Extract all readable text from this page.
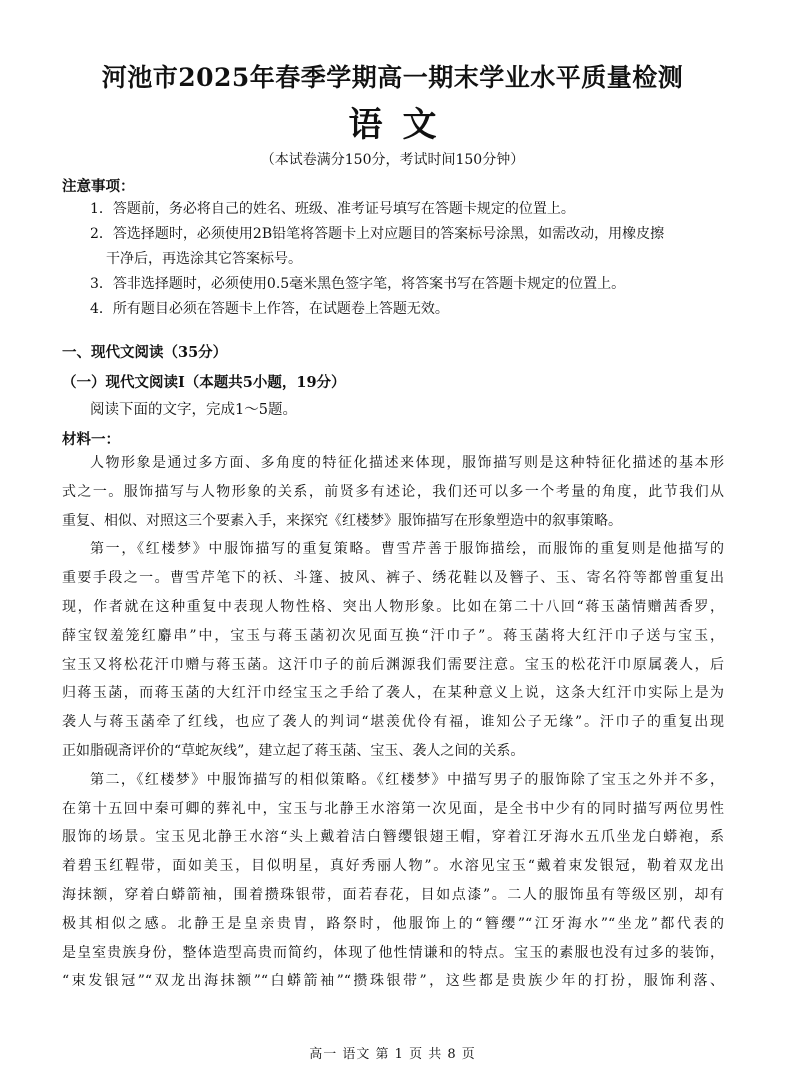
河池市2025年春季学期高一期末学业水平质量检测
语文
（本试卷满分150分，考试时间150分钟）
注意事项：
1．答题前，务必将自己的姓名、班级、准考证号填写在答题卡规定的位置上。
2．答选择题时，必须使用2B铅笔将答题卡上对应题目的答案标号涂黑，如需改动，用橡皮擦
干净后，再选涂其它答案标号。
3．答非选择题时，必须使用0.5毫米黑色签字笔，将答案书写在答题卡规定的位置上。
4．所有题目必须在答题卡上作答，在试题卷上答题无效。
一、现代文阅读（35分）
（一）现代文阅读Ⅰ（本题共5小题，19分）
阅读下面的文字，完成1～5题。
材料一：
人物形象是通过多方面、多角度的特征化描述来体现，服饰描写则是这种特征化描述的基本形
式之一。服饰描写与人物形象的关系，前贤多有述论，我们还可以多一个考量的角度，此节我们从
重复、相似、对照这三个要素入手，来探究《红楼梦》服饰描写在形象塑造中的叙事策略。
第一，《红楼梦》中服饰描写的重复策略。曹雪芹善于服饰描绘，而服饰的重复则是他描写的
重要手段之一。曹雪芹笔下的袄、斗篷、披风、裤子、绣花鞋以及簪子、玉、寄名符等都曾重复出
现，作者就在这种重复中表现人物性格、突出人物形象。比如在第二十八回“蒋玉菡情赠茜香罗，
薛宝钗羞笼红麝串”中，宝玉与蒋玉菡初次见面互换“汗巾子”。蒋玉菡将大红汗巾子送与宝玉，
宝玉又将松花汗巾赠与蒋玉菡。这汗巾子的前后渊源我们需要注意。宝玉的松花汗巾原属袭人，后
归蒋玉菡，而蒋玉菡的大红汗巾经宝玉之手给了袭人，在某种意义上说，这条大红汗巾实际上是为
袭人与蒋玉菡牵了红线，也应了袭人的判词“堪羡优伶有福，谁知公子无缘”。汗巾子的重复出现
正如脂砚斋评价的“草蛇灰线”，建立起了蒋玉菡、宝玉、袭人之间的关系。
第二，《红楼梦》中服饰描写的相似策略。《红楼梦》中描写男子的服饰除了宝玉之外并不多，
在第十五回中秦可卿的葬礼中，宝玉与北静王水溶第一次见面，是全书中少有的同时描写两位男性
服饰的场景。宝玉见北静王水溶“头上戴着洁白簪缨银翅王帽，穿着江牙海水五爪坐龙白蟒袍，系
着碧玉红鞓带，面如美玉，目似明星，真好秀丽人物”。水溶见宝玉“戴着束发银冠，勒着双龙出
海抹额，穿着白蟒箭袖，围着攒珠银带，面若春花，目如点漆”。二人的服饰虽有等级区别，却有
极其相似之感。北静王是皇亲贵胄，路祭时，他服饰上的“簪缨”“江牙海水”“坐龙”都代表的
是皇室贵族身份，整体造型高贵而简约，体现了他性情谦和的特点。宝玉的素服也没有过多的装饰，
“束发银冠”“双龙出海抹额”“白蟒箭袖”“攒珠银带”，这些都是贵族少年的打扮，服饰利落、
高一 语文 第 1 页 共 8 页
